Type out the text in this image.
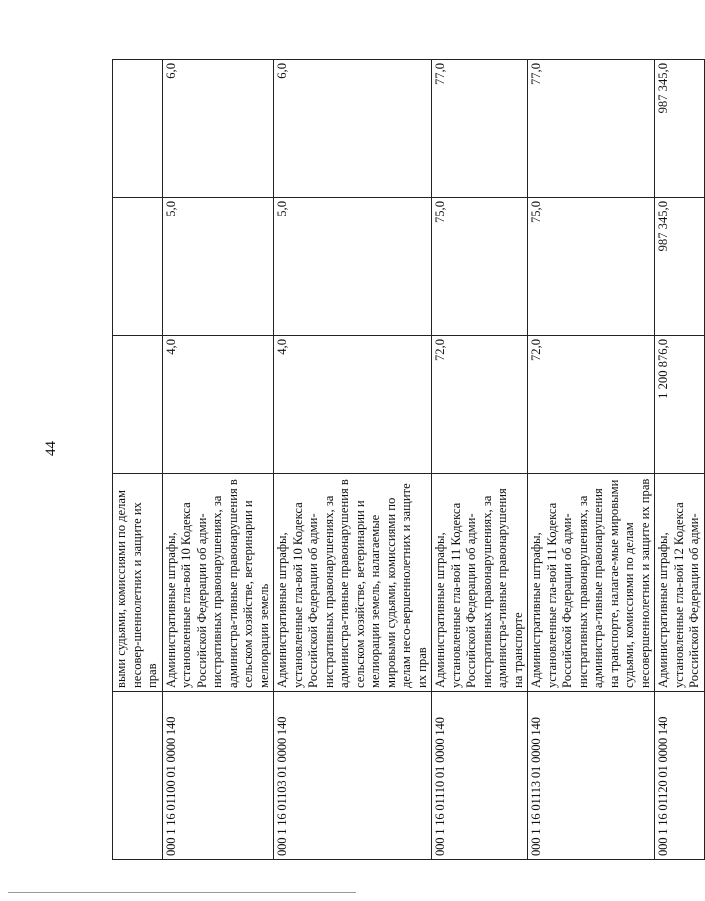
44
	выми судьями, комиссиями по делам несовер-шеннолетних и защите их прав			
000 1 16 01100 01 0000 140	Административные штрафы, установленные гла-вой 10 Кодекса Российской Федерации об адми-нистративных правонарушениях, за администра-тивные правонарушения в сельском хозяйстве, ветеринарии и мелиорации земель	4,0	5,0	6,0
000 1 16 01103 01 0000 140	Административные штрафы, установленные гла-вой 10 Кодекса Российской Федерации об адми-нистративных правонарушениях, за администра-тивные правонарушения в сельском хозяйстве, ветеринарии и мелиорации земель, налагаемые мировыми судьями, комиссиями по делам несо-вершеннолетних и защите их прав	4,0	5,0	6,0
000 1 16 01110 01 0000 140	Административные штрафы, установленные гла-вой 11 Кодекса Российской Федерации об адми-нистративных правонарушениях, за администра-тивные правонарушения на транспорте	72,0	75,0	77,0
000 1 16 01113 01 0000 140	Административные штрафы, установленные гла-вой 11 Кодекса Российской Федерации об адми-нистративных правонарушениях, за администра-тивные правонарушения на транспорте, налагае-мые мировыми судьями, комиссиями по делам несовершеннолетних и защите их прав	72,0	75,0	77,0
000 1 16 01120 01 0000 140	Административные штрафы, установленные гла-вой 12 Кодекса Российской Федерации об адми-	1 200 876,0	987 345,0	987 345,0
